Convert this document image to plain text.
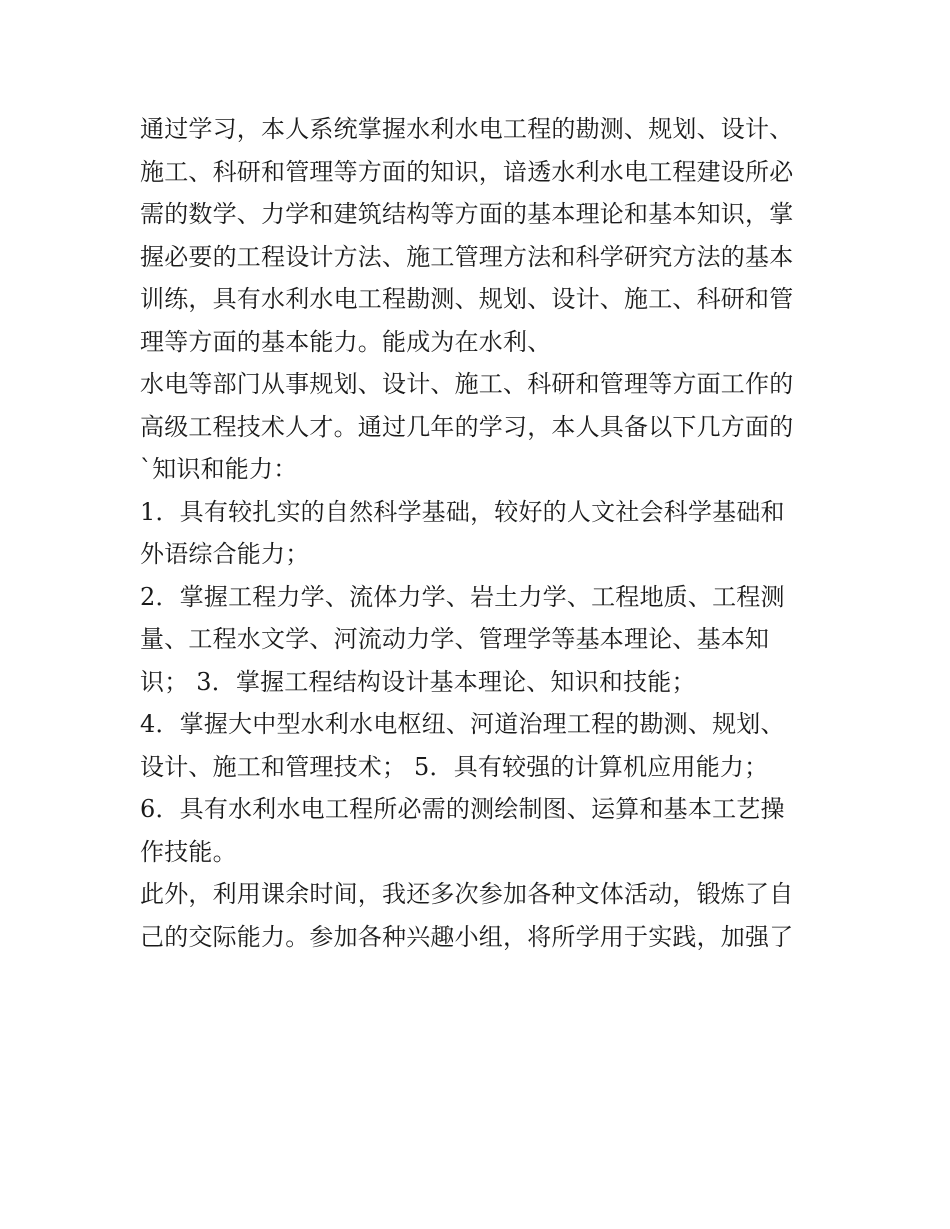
通过学习，本人系统掌握水利水电工程的勘测、规划、设计、
施工、科研和管理等方面的知识，谙透水利水电工程建设所必
需的数学、力学和建筑结构等方面的基本理论和基本知识，掌
握必要的工程设计方法、施工管理方法和科学研究方法的基本
训练，具有水利水电工程勘测、规划、设计、施工、科研和管
理等方面的基本能力。能成为在水利、
水电等部门从事规划、设计、施工、科研和管理等方面工作的
高级工程技术人才。通过几年的学习，本人具备以下几方面的
`知识和能力：
1．具有较扎实的自然科学基础，较好的人文社会科学基础和
外语综合能力；
2．掌握工程力学、流体力学、岩土力学、工程地质、工程测
量、工程水文学、河流动力学、管理学等基本理论、基本知
识； 3．掌握工程结构设计基本理论、知识和技能；
4．掌握大中型水利水电枢纽、河道治理工程的勘测、规划、
设计、施工和管理技术； 5．具有较强的计算机应用能力；
6．具有水利水电工程所必需的测绘制图、运算和基本工艺操
作技能。
此外，利用课余时间，我还多次参加各种文体活动，锻炼了自
己的交际能力。参加各种兴趣小组，将所学用于实践，加强了
